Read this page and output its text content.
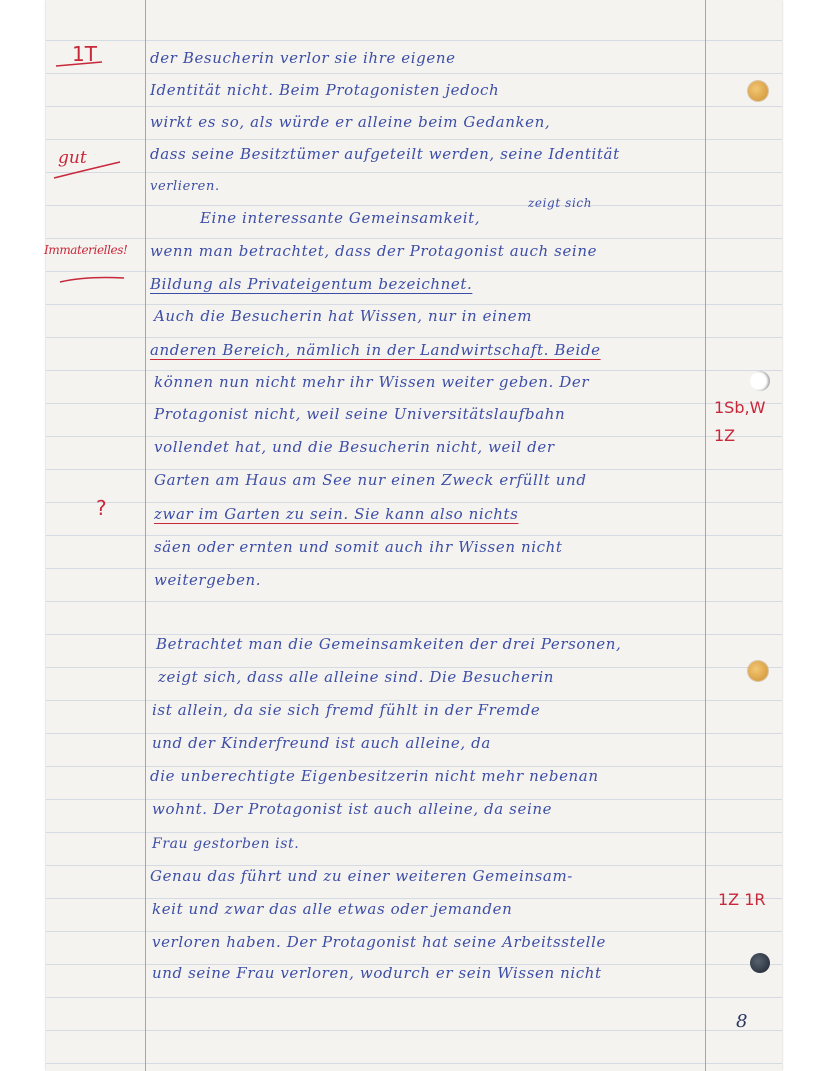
der Besucherin verlor sie ihre eigene
Identität nicht. Beim Protagonisten jedoch
wirkt es so, als würde er alleine beim Gedanken,
dass seine Besitztümer aufgeteilt werden, seine Identität
verlieren.
zeigt sich
Eine interessante Gemeinsamkeit,
wenn man betrachtet, dass der Protagonist auch seine
Bildung als Privateigentum bezeichnet.
Auch die Besucherin hat Wissen, nur in einem
anderen Bereich, nämlich in der Landwirtschaft. Beide
können nun nicht mehr ihr Wissen weiter geben. Der
Protagonist nicht, weil seine Universitätslaufbahn
vollendet hat, und die Besucherin nicht, weil der
Garten am Haus am See nur einen Zweck erfüllt und
zwar im Garten zu sein. Sie kann also nichts
säen oder ernten und somit auch ihr Wissen nicht
weitergeben.
Betrachtet man die Gemeinsamkeiten der drei Personen,
zeigt sich, dass alle alleine sind. Die Besucherin
ist allein, da sie sich fremd fühlt in der Fremde
und der Kinderfreund ist auch alleine, da
die unberechtigte Eigenbesitzerin nicht mehr nebenan
wohnt. Der Protagonist ist auch alleine, da seine
Frau gestorben ist.
Genau das führt und zu einer weiteren Gemeinsam-
keit und zwar das alle etwas oder jemanden
verloren haben. Der Protagonist hat seine Arbeitsstelle
und seine Frau verloren, wodurch er sein Wissen nicht
1T
gut
Immaterielles!
?
1Sb,W
1Z
1Z 1R
8
